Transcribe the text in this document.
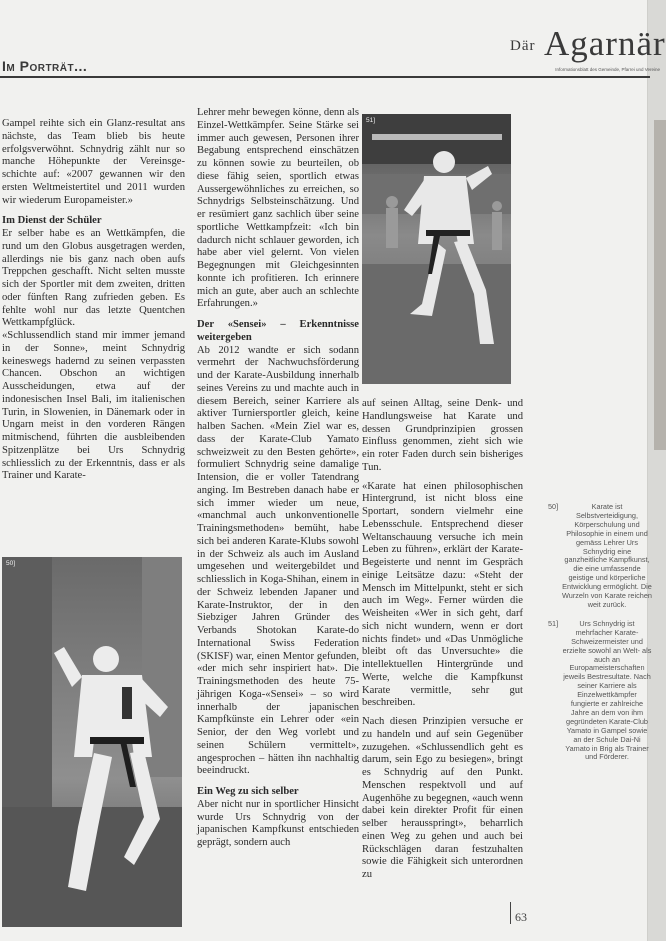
Im Porträt...
Där Agarnär
Informationsblatt des Gemeinde, Pfarrei und Vereine

Gampel reihte sich ein Glanz-resultat ans nächste, das Team blieb bis heute erfolgsverwöhnt. Schnydrig zählt nur so manche Höhepunkte der Vereinsge-schichte auf: «2007 gewannen wir den ersten Weltmeistertitel und 2011 wurden wir wiederum Europameister.»

Im Dienst der Schüler

Er selber habe es an Wettkämpfen, die rund um den Globus ausgetragen werden, allerdings nie bis ganz nach oben aufs Treppchen geschafft. Nicht selten musste sich der Sportler mit dem zweiten, dritten oder fünften Rang zufrieden geben. Es fehlte wohl nur das letzte Quentchen Wettkampfglück.

«Schlussendlich stand mir immer jemand in der Sonne», meint Schnydrig keineswegs hadernd zu seinen verpassten Chancen. Obschon an wichtigen Ausscheidungen, etwa auf der indonesischen Insel Bali, im italienischen Turin, in Slowenien, in Dänemark oder in Ungarn meist in den vorderen Rängen mitmischend, führten die ausbleibenden Spitzenplätze bei Urs Schnydrig schliesslich zu der Erkenntnis, dass er als Trainer und Karate-

Lehrer mehr bewegen könne, denn als Einzel-Wettkämpfer. Seine Stärke sei immer auch gewesen, Personen ihrer Begabung entsprechend einschätzen zu können sowie zu beurteilen, ob diese fähig seien, sportlich etwas Aussergewöhnliches zu erreichen, so Schnydrigs Selbsteinschätzung. Und er resümiert ganz sachlich über seine sportliche Wettkampfzeit: «Ich bin dadurch nicht schlauer geworden, ich habe aber viel gelernt. Von vielen Begegnungen mit Gleichgesinnten konnte ich profitieren. Ich erinnere mich an gute, aber auch an schlechte Erfahrungen.»

Der «Sensei» – Erkenntnisse weitergeben

Ab 2012 wandte er sich sodann vermehrt der Nachwuchsförderung und der Karate-Ausbildung innerhalb seines Vereins zu und machte auch in diesem Bereich, seiner Karriere als aktiver Turniersportler gleich, keine halben Sachen. «Mein Ziel war es, dass der Karate-Club Yamato schweizweit zu den Besten gehörte», formuliert Schnydrig seine damalige Intension, die er voller Tatendrang anging. Im Bestreben danach habe er sich immer wieder um neue, «manchmal auch unkonventionelle Trainingsmethoden» bemüht, habe sich bei anderen Karate-Klubs sowohl in der Schweiz als auch im Ausland umgesehen und weitergebildet und schliesslich in Koga-Shihan, einem in der Schweiz lebenden Japaner und Karate-Instruktor, der in den Siebziger Jahren Gründer des Verbands Shotokan Karate-do International Swiss Federation (SKISF) war, einen Mentor gefunden, «der mich sehr inspiriert hat». Die Trainingsmethoden des heute 75-jährigen Koga-«Sensei» – so wird innerhalb der japanischen Kampfkünste ein Lehrer oder «ein Senior, der den Weg vorlebt und seinen Schülern vermittelt», angesprochen – hätten ihn nachhaltig beeindruckt.

Ein Weg zu sich selber

Aber nicht nur in sportlicher Hinsicht wurde Urs Schnydrig von der japanischen Kampfkunst entschieden geprägt, sondern auch

auf seinen Alltag, seine Denk- und Handlungsweise hat Karate und dessen Grundprinzipien grossen Einfluss genommen, zieht sich wie ein roter Faden durch sein bisheriges Tun.

«Karate hat einen philosophischen Hintergrund, ist nicht bloss eine Sportart, sondern vielmehr eine Lebensschule. Entsprechend dieser Weltanschauung versuche ich mein Leben zu führen», erklärt der Karate-Begeisterte und nennt im Gespräch einige Leitsätze dazu: «Steht der Mensch im Mittelpunkt, steht er sich auch im Weg». Ferner würden die Weisheiten «Wer in sich geht, darf sich nicht wundern, wenn er dort nichts findet» und «Das Unmögliche bleibt oft das Unversuchte» die intellektuellen Hintergründe und Werte, welche die Kampfkunst Karate vermittle, sehr gut beschreiben.

Nach diesen Prinzipien versuche er zu handeln und auf sein Gegenüber zuzugehen. «Schlussendlich geht es darum, sein Ego zu besiegen», bringt es Schnydrig auf den Punkt. Menschen respektvoll und auf Augenhöhe zu begegnen, «auch wenn dabei kein direkter Profit für einen selber herausspringt», beharrlich einen Weg zu gehen und auch bei Rückschlägen daran festzuhalten sowie die Fähigkeit sich unterordnen zu

51]
50]
50]	Karate ist Selbstverteidigung, Körperschulung und Philosophie in einem und gemäss Lehrer Urs Schnydrig eine ganzheitliche Kampfkunst, die eine umfassende geistige und körperliche Entwicklung ermöglicht. Die Wurzeln von Karate reichen weit zurück.
51]	Urs Schnydrig ist mehrfacher Karate-Schweizermeister und erzielte sowohl an Welt- als auch an Europameisterschaften jeweils Bestresultate. Nach seiner Karriere als Einzelwettkämpfer fungierte er zahlreiche Jahre an dem von ihm gegründeten Karate-Club Yamato in Gampel sowie an der Schule Dai-Ni Yamato in Brig als Trainer und Förderer.
63
